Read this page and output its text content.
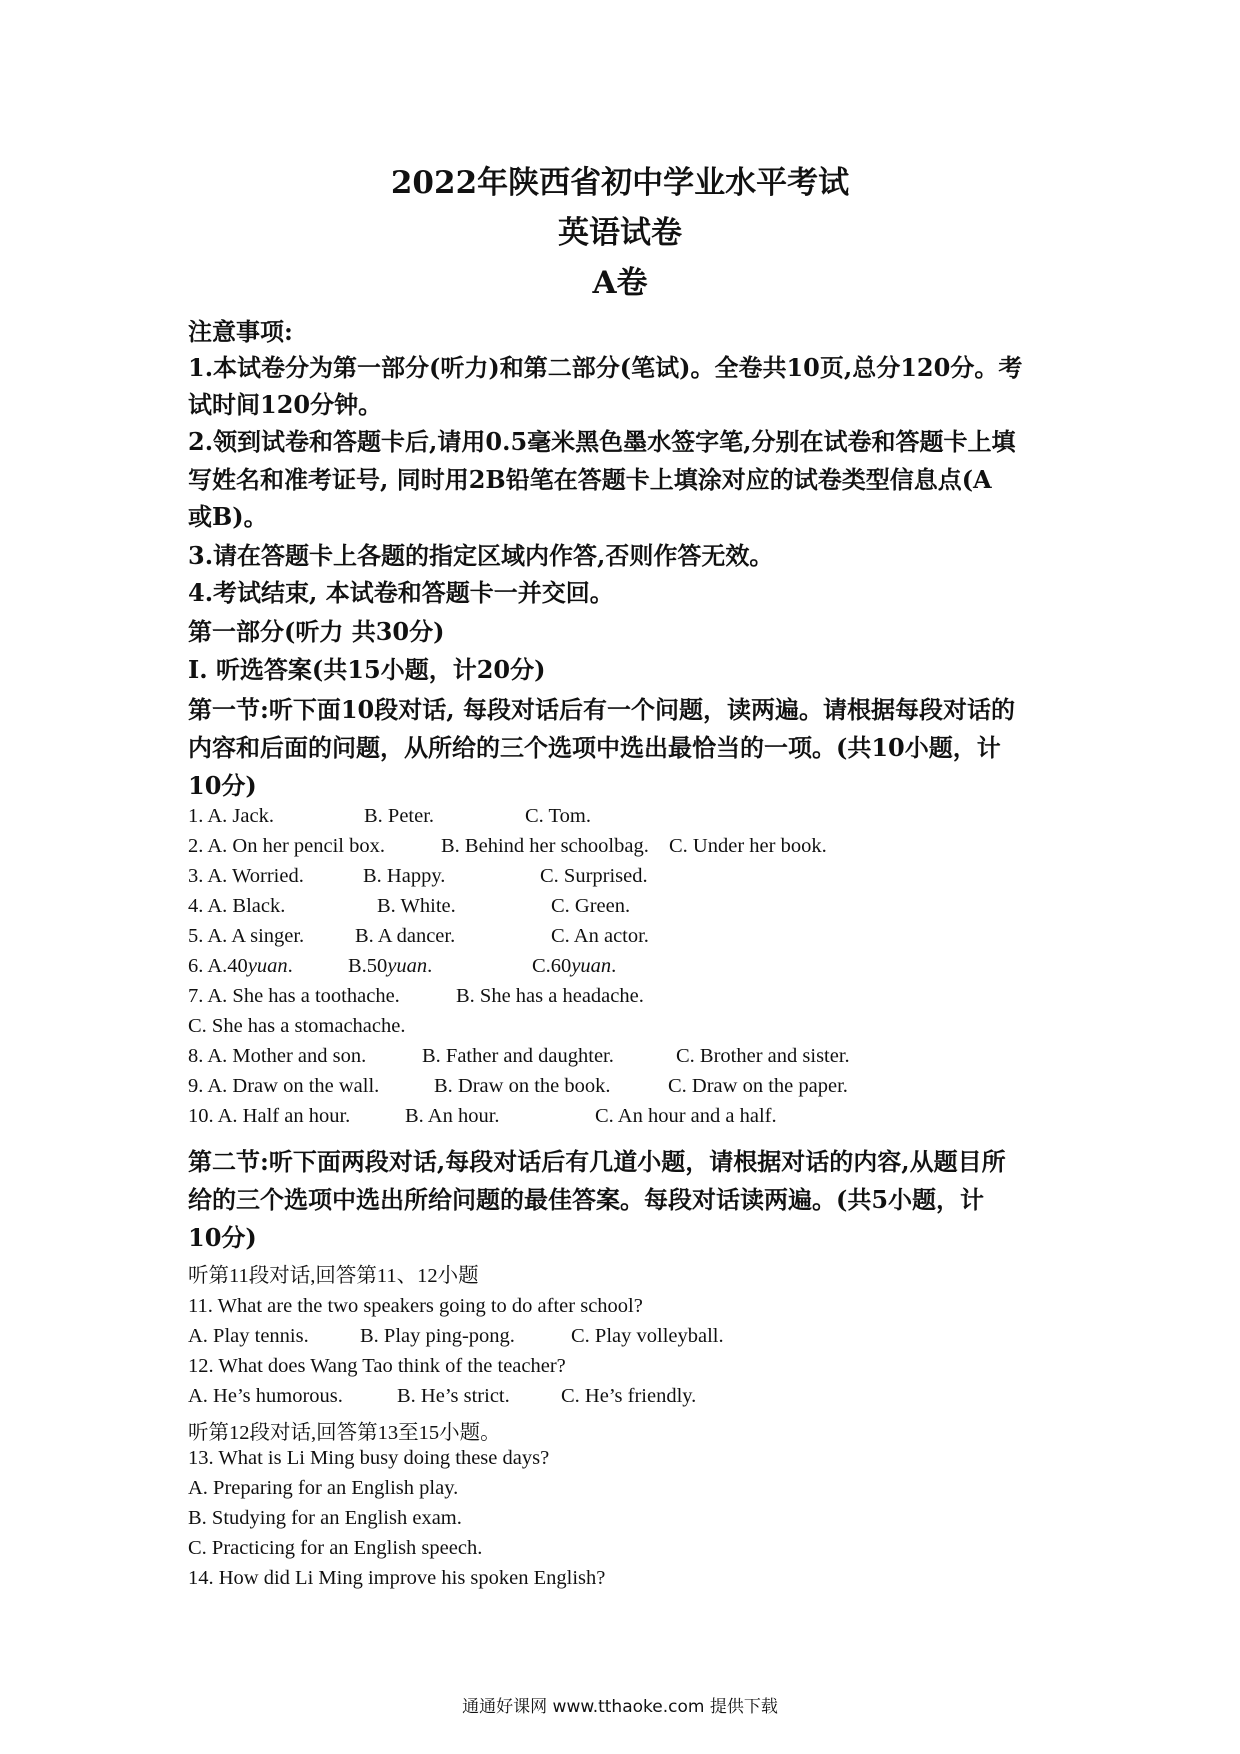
2022年陕西省初中学业水平考试
英语试卷
A卷
注意事项:
1.本试卷分为第一部分(听力)和第二部分(笔试)。全卷共10页,总分120分。考
试时间120分钟。
2.领到试卷和答题卡后,请用0.5毫米黑色墨水签字笔,分别在试卷和答题卡上填
写姓名和准考证号, 同时用2B铅笔在答题卡上填涂对应的试卷类型信息点(A
或B)。
3.请在答题卡上各题的指定区域内作答,否则作答无效。
4.考试结束, 本试卷和答题卡一并交回。
第一部分(听力 共30分)
I. 听选答案(共15小题，计20分)
第一节:听下面10段对话, 每段对话后有一个问题，读两遍。请根据每段对话的
内容和后面的问题，从所给的三个选项中选出最恰当的一项。(共10小题，计
10分)
1. A. Jack.	B. Peter.	C. Tom.
2. A. On her pencil box.	B. Behind her schoolbag. C. Under her book.
3. A. Worried.	B. Happy.	C. Surprised.
4. A. Black.	B. White.	C. Green.
5. A. A singer. B. A dancer.	C. An actor.
6. A.40yuan.	B.50yuan.	C.60yuan.
7. A. She has a toothache.	B. She has a headache.
C. She has a stomachache.
8. A. Mother and son.	B. Father and daughter.	C. Brother and sister.
9. A. Draw on the wall.	B. Draw on the book.	C. Draw on the paper.
10. A. Half an hour.	B. An hour.	C. An hour and a half.
第二节:听下面两段对话,每段对话后有几道小题，请根据对话的内容,从题目所
给的三个选项中选出所给问题的最佳答案。每段对话读两遍。(共5小题，计
10分)
听第11段对话,回答第11、12小题
11. What are the two speakers going to do after school?
A. Play tennis.	B. Play ping-pong.	C. Play volleyball.
12. What does Wang Tao think of the teacher?
A. He’s humorous.	B. He’s strict.	C. He’s friendly.
听第12段对话,回答第13至15小题。
13. What is Li Ming busy doing these days?
A. Preparing for an English play.
B. Studying for an English exam.
C. Practicing for an English speech.
14. How did Li Ming improve his spoken English?
通通好课网 www.tthaoke.com 提供下载
